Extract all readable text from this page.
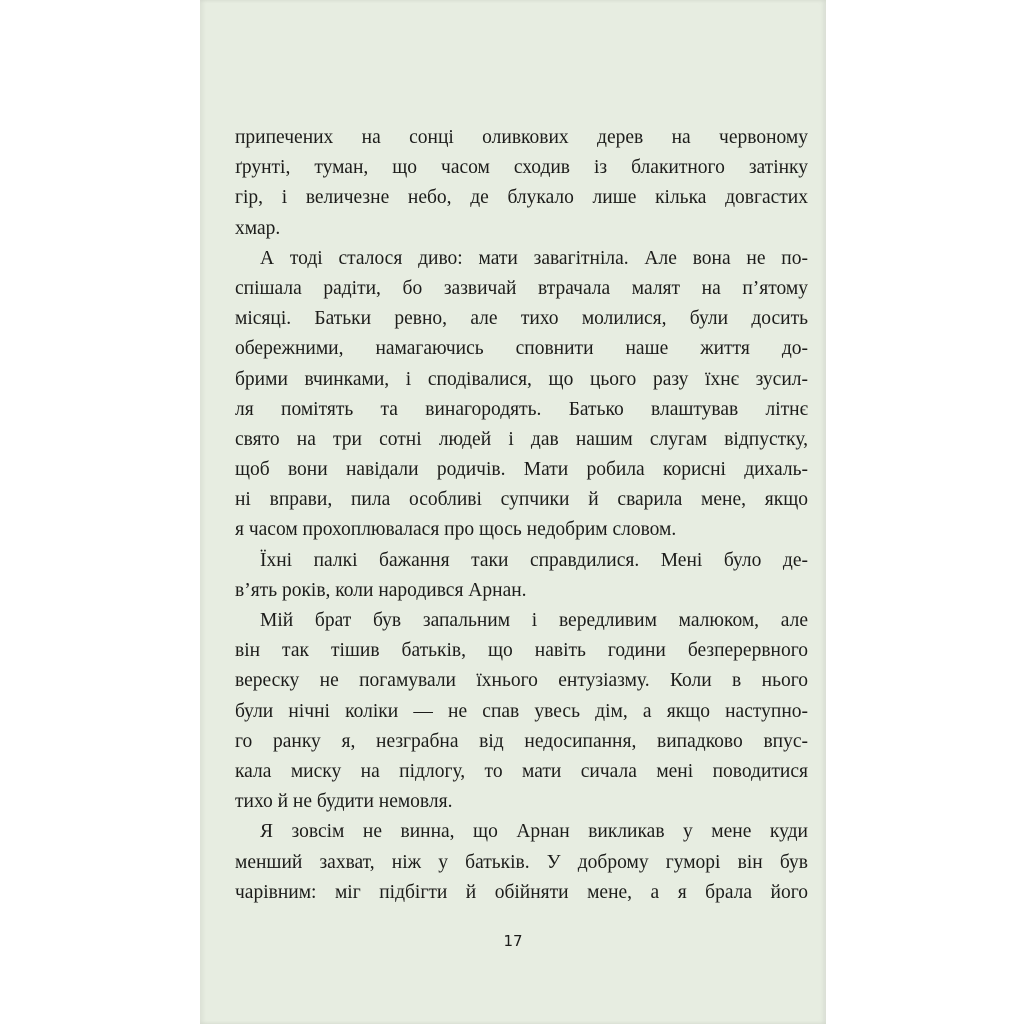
припечених на сонці оливкових дерев на червоному
ґрунті, туман, що часом сходив із блакитного затінку
гір, і величезне небо, де блукало лише кілька довгастих
хмар.
А тоді сталося диво: мати завагітніла. Але вона не по-
спішала радіти, бо зазвичай втрачала малят на п’ятому
місяці. Батьки ревно, але тихо молилися, були досить
обережними, намагаючись сповнити наше життя до-
брими вчинками, і сподівалися, що цього разу їхнє зусил-
ля помітять та винагородять. Батько влаштував літнє
свято на три сотні людей і дав нашим слугам відпустку,
щоб вони навідали родичів. Мати робила корисні дихаль-
ні вправи, пила особливі супчики й сварила мене, якщо
я часом прохоплювалася про щось недобрим словом.
Їхні палкі бажання таки справдилися. Мені було де-
в’ять років, коли народився Арнан.
Мій брат був запальним і вередливим малюком, але
він так тішив батьків, що навіть години безперервного
вереску не погамували їхнього ентузіазму. Коли в нього
були нічні коліки — не спав увесь дім, а якщо наступно-
го ранку я, незграбна від недосипання, випадково впус-
кала миску на підлогу, то мати сичала мені поводитися
тихо й не будити немовля.
Я зовсім не винна, що Арнан викликав у мене куди
менший захват, ніж у батьків. У доброму гуморі він був
чарівним: міг підбігти й обійняти мене, а я брала його
17
